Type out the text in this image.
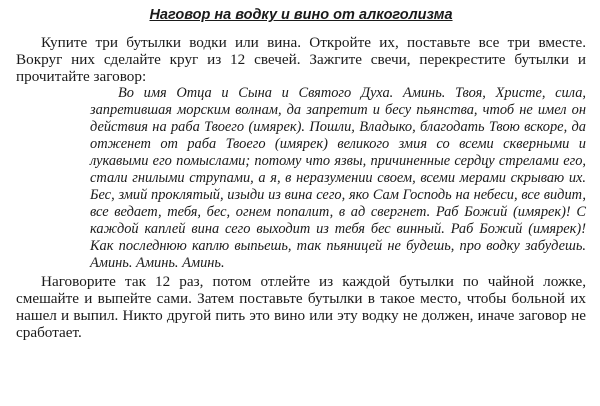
Наговор на водку и вино от алкоголизма

Купите три бутылки водки или вина. Откройте их, поставьте все три вместе. Вокруг них сделайте круг из 12 свечей. Зажгите свечи, перекрестите бутылки и прочитайте заговор:

Во имя Отца и Сына и Святого Духа. Аминь. Твоя, Христе, сила, запретившая морским волнам, да запретит и бесу пьянства, чтоб не имел он действия на раба Твоего (имярек). Пошли, Владыко, благодать Твою вскоре, да отженет от раба Твоего (имярек) великого змия со всеми скверными и лукавыми его помыслами; потому что язвы, причиненные сердцу стрелами его, стали гнилыми струпами, а я, в неразумении своем, всеми мерами скрываю их. Бес, змий проклятый, изыди из вина сего, яко Сам Господь на небеси, все видит, все ведает, тебя, бес, огнем попалит, в ад свергнет. Раб Божий (имярек)! С каждой каплей вина сего выходит из тебя бес винный. Раб Божий (имярек)! Как последнюю каплю выпьешь, так пьяницей не будешь, про водку забудешь. Аминь. Аминь. Аминь.

Наговорите так 12 раз, потом отлейте из каждой бутылки по чайной ложке, смешайте и выпейте сами. Затем поставьте бутылки в такое место, чтобы больной их нашел и выпил. Никто другой пить это вино или эту водку не должен, иначе заговор не сработает.
